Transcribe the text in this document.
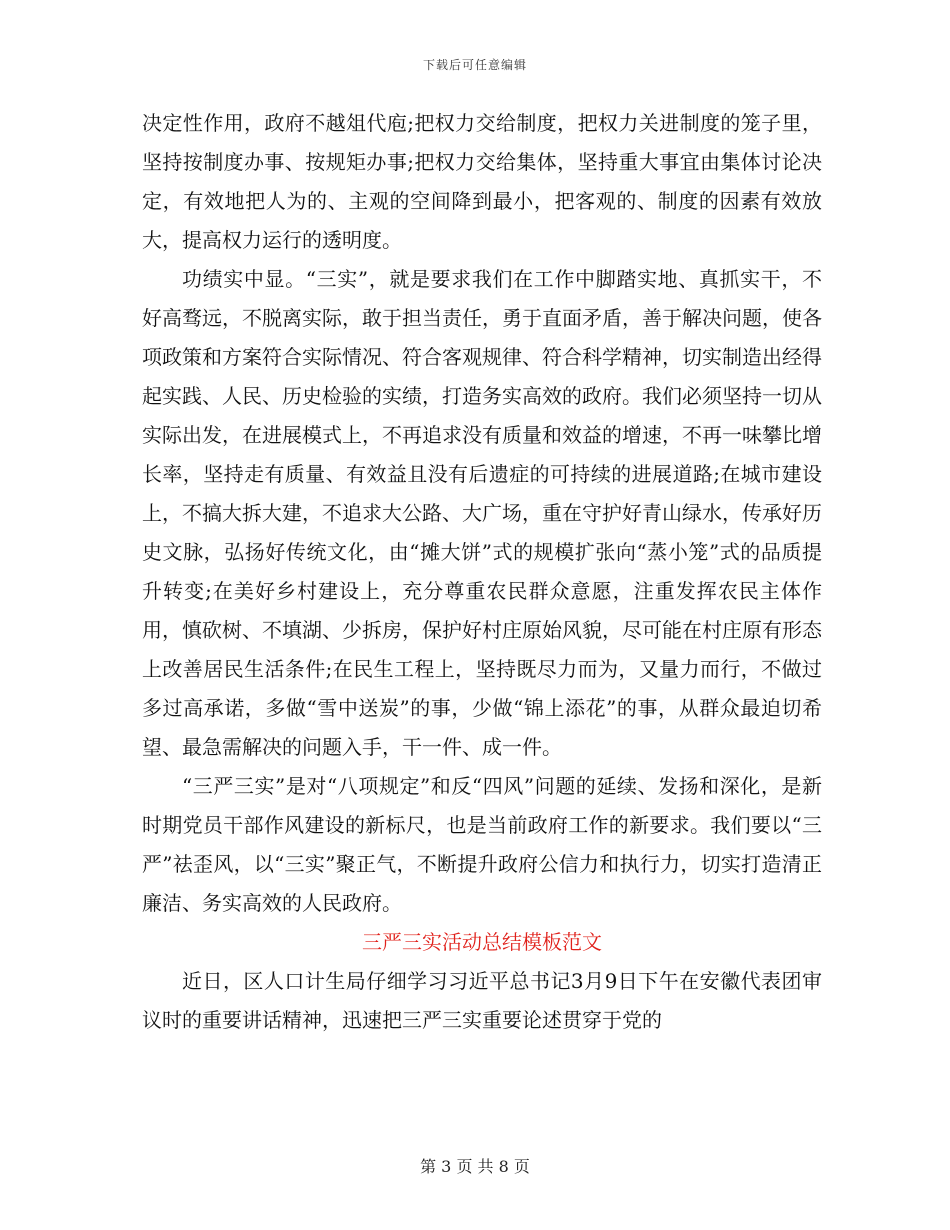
下载后可任意编辑

决定性作用，政府不越俎代庖;把权力交给制度，把权力关进制度的笼子里，坚持按制度办事、按规矩办事;把权力交给集体，坚持重大事宜由集体讨论决定，有效地把人为的、主观的空间降到最小，把客观的、制度的因素有效放大，提高权力运行的透明度。

功绩实中显。“三实”，就是要求我们在工作中脚踏实地、真抓实干，不好高骛远，不脱离实际，敢于担当责任，勇于直面矛盾，善于解决问题，使各项政策和方案符合实际情况、符合客观规律、符合科学精神，切实制造出经得起实践、人民、历史检验的实绩，打造务实高效的政府。我们必须坚持一切从实际出发，在进展模式上，不再追求没有质量和效益的增速，不再一味攀比增长率，坚持走有质量、有效益且没有后遗症的可持续的进展道路;在城市建设上，不搞大拆大建，不追求大公路、大广场，重在守护好青山绿水，传承好历史文脉，弘扬好传统文化，由“摊大饼”式的规模扩张向“蒸小笼”式的品质提升转变;在美好乡村建设上，充分尊重农民群众意愿，注重发挥农民主体作用，慎砍树、不填湖、少拆房，保护好村庄原始风貌，尽可能在村庄原有形态上改善居民生活条件;在民生工程上，坚持既尽力而为，又量力而行，不做过多过高承诺，多做“雪中送炭”的事，少做“锦上添花”的事，从群众最迫切希望、最急需解决的问题入手，干一件、成一件。

“三严三实”是对“八项规定”和反“四风”问题的延续、发扬和深化，是新时期党员干部作风建设的新标尺，也是当前政府工作的新要求。我们要以“三严”祛歪风，以“三实”聚正气，不断提升政府公信力和执行力，切实打造清正廉洁、务实高效的人民政府。

三严三实活动总结模板范文

近日，区人口计生局仔细学习习近平总书记3月9日下午在安徽代表团审议时的重要讲话精神，迅速把三严三实重要论述贯穿于党的

第 3 页 共 8 页
